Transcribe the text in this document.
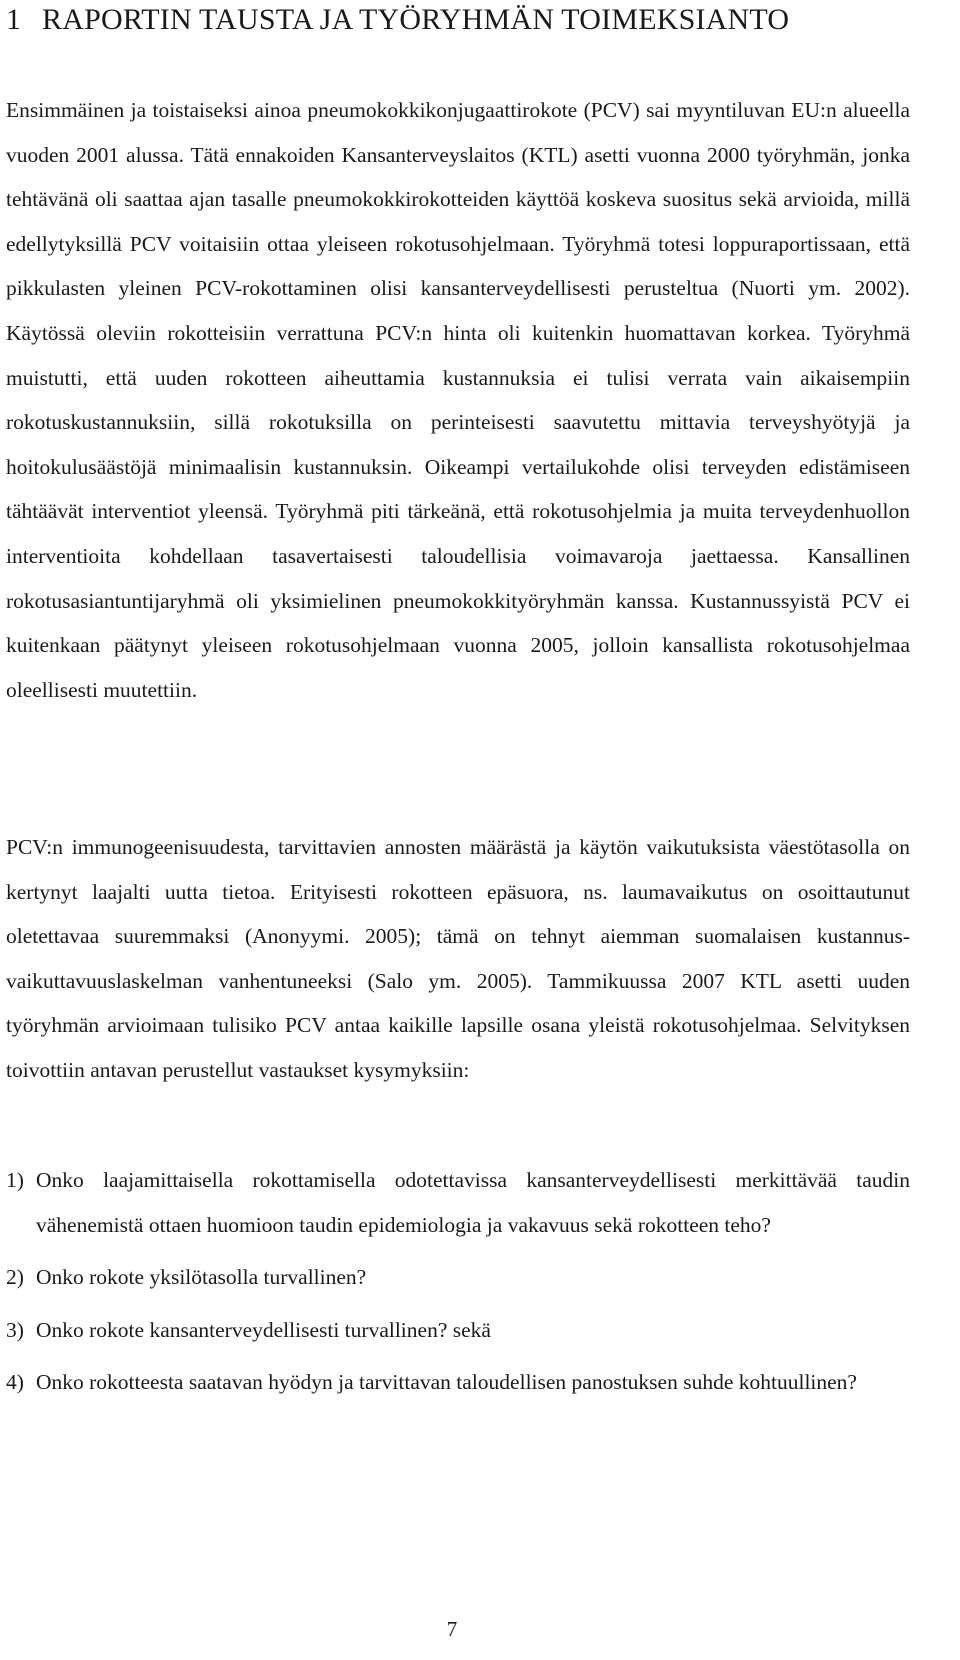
1 RAPORTIN TAUSTA JA TYÖRYHMÄN TOIMEKSIANTO

Ensimmäinen ja toistaiseksi ainoa pneumokokkikonjugaattirokote (PCV) sai myyntiluvan EU:n alueella vuoden 2001 alussa. Tätä ennakoiden Kansanterveyslaitos (KTL) asetti vuonna 2000 työryhmän, jonka tehtävänä oli saattaa ajan tasalle pneumokokkirokotteiden käyttöä koskeva suositus sekä arvioida, millä edellytyksillä PCV voitaisiin ottaa yleiseen rokotusohjelmaan. Työryhmä totesi loppuraportissaan, että pikkulasten yleinen PCV-rokottaminen olisi kansanterveydellisesti perusteltua (Nuorti ym. 2002). Käytössä oleviin rokotteisiin verrattuna PCV:n hinta oli kuitenkin huomattavan korkea. Työryhmä muistutti, että uuden rokotteen aiheuttamia kustannuksia ei tulisi verrata vain aikaisempiin rokotuskustannuksiin, sillä rokotuksilla on perinteisesti saavutettu mittavia terveyshyötyjä ja hoitokulusäästöjä minimaalisin kustannuksin. Oikeampi vertailukohde olisi terveyden edistämiseen tähtäävät interventiot yleensä. Työryhmä piti tärkeänä, että rokotusohjelmia ja muita terveydenhuollon interventioita kohdellaan tasavertaisesti taloudellisia voimavaroja jaettaessa. Kansallinen rokotusasiantuntijaryhmä oli yksimielinen pneumokokkityöryhmän kanssa. Kustannussyistä PCV ei kuitenkaan päätynyt yleiseen rokotusohjelmaan vuonna 2005, jolloin kansallista rokotusohjelmaa oleellisesti muutettiin.

PCV:n immunogeenisuudesta, tarvittavien annosten määrästä ja käytön vaikutuksista väestötasolla on kertynyt laajalti uutta tietoa. Erityisesti rokotteen epäsuora, ns. laumavaikutus on osoittautunut oletettavaa suuremmaksi (Anonyymi. 2005); tämä on tehnyt aiemman suomalaisen kustannus-vaikuttavuuslaskelman vanhentuneeksi (Salo ym. 2005). Tammikuussa 2007 KTL asetti uuden työryhmän arvioimaan tulisiko PCV antaa kaikille lapsille osana yleistä rokotusohjelmaa. Selvityksen toivottiin antavan perustellut vastaukset kysymyksiin:

1) Onko laajamittaisella rokottamisella odotettavissa kansanterveydellisesti merkittävää taudin vähenemistä ottaen huomioon taudin epidemiologia ja vakavuus sekä rokotteen teho?
2) Onko rokote yksilötasolla turvallinen?
3) Onko rokote kansanterveydellisesti turvallinen? sekä
4) Onko rokotteesta saatavan hyödyn ja tarvittavan taloudellisen panostuksen suhde kohtuullinen?
7
